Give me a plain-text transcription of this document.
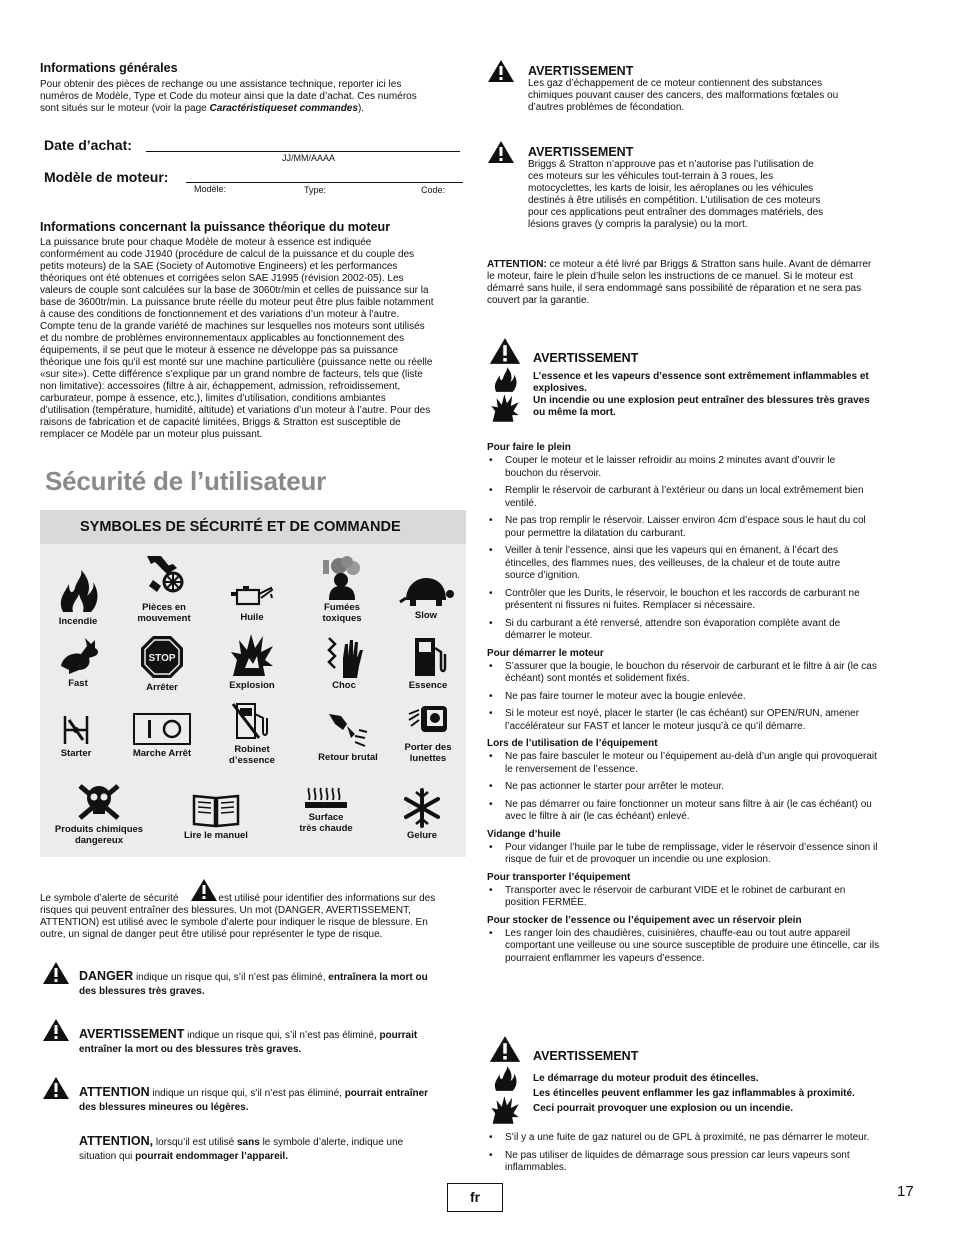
Informations générales
Pour obtenir des pièces de rechange ou une assistance technique, reporter ici les
numéros de Modèle, Type et Code du moteur ainsi que la date d’achat. Ces numéros
sont situés sur le moteur (voir la page Caractéristiqueset commandes).
Date d’achat:
JJ/MM/AAAA
Modèle de moteur:
Modèle:	Type:	Code:
Informations concernant la puissance théorique du moteur
La puissance brute pour chaque Modèle de moteur à essence est indiquée
conformément au code J1940 (procédure de calcul de la puissance et du couple des
petits moteurs) de la SAE (Society of Automotive Engineers) et les performances
théoriques ont été obtenues et corrigées selon SAE J1995 (révision 2002-05). Les
valeurs de couple sont calculées sur la base de 3060tr/min et celles de puissance sur la
base de 3600tr/min. La puissance brute réelle du moteur peut être plus faible notamment
à cause des conditions de fonctionnement et des variations d’un moteur à l’autre.
Compte tenu de la grande variété de machines sur lesquelles nos moteurs sont utilisés
et du nombre de problèmes environnementaux applicables au fonctionnement des
équipements, il se peut que le moteur à essence ne développe pas sa puissance
théorique une fois qu’il est monté sur une machine particulière (puissance nette ou réelle
«sur site»). Cette différence s’explique par un grand nombre de facteurs, tels que (liste
non limitative): accessoires (filtre à air, échappement, admission, refroidissement,
carburateur, pompe à essence, etc.), limites d’utilisation, conditions ambiantes
d’utilisation (température, humidité, altitude) et variations d’un moteur à l’autre. Pour des
raisons de fabrication et de capacité limitées, Briggs & Stratton est susceptible de
remplacer ce Modèle par un moteur plus puissant.
Sécurité de l’utilisateur
SYMBOLES DE SÉCURITÉ ET DE COMMANDE
Incendie
Pièces en
mouvement	Huile
Fumées
toxiques	Slow
Fast
STOP
Arrêter	Explosion	Choc	Essence
Starter	Marche Arrêt	Robinet
d’essence	Retour brutal
Porter des
lunettes
Produits chimiques
dangereux	Lire le manuel
Surface
très chaude
Gelure
Le symbole d’alerte de sécurité	est utilisé pour identifier des informations sur des
risques qui peuvent entraîner des blessures. Un mot (DANGER, AVERTISSEMENT,
ATTENTION) est utilisé avec le symbole d’alerte pour indiquer le risque de blessure. En
outre, un signal de danger peut être utilisé pour représenter le type de risque.
DANGER indique un risque qui, s’il n’est pas éliminé, entraînera la mort ou
des blessures très graves.
AVERTISSEMENT indique un risque qui, s’il n’est pas éliminé, pourrait
entraîner la mort ou des blessures très graves.
ATTENTION indique un risque qui, s’il n’est pas éliminé, pourrait entraîner
des blessures mineures ou légères.
ATTENTION, lorsqu’il est utilisé sans le symbole d’alerte, indique une
situation qui pourrait endommager l’appareil.
AVERTISSEMENT
Les gaz d’échappement de ce moteur contiennent des substances
chimiques pouvant causer des cancers, des malformations fœtales ou
d’autres problèmes de fécondation.
AVERTISSEMENT
Briggs & Stratton n’approuve pas et n’autorise pas l’utilisation de
ces moteurs sur les véhicules tout-terrain à 3 roues, les
motocyclettes, les karts de loisir, les aéroplanes ou les véhicules
destinés à être utilisés en compétition. L’utilisation de ces moteurs
pour ces applications peut entraîner des dommages matériels, des
lésions graves (y compris la paralysie) ou la mort.
ATTENTION: ce moteur a été livré par Briggs & Stratton sans huile. Avant de démarrer
le moteur, faire le plein d’huile selon les instructions de ce manuel. Si le moteur est
démarré sans huile, il sera endommagé sans possibilité de réparation et ne sera pas
couvert par la garantie.
AVERTISSEMENT
L’essence et les vapeurs d’essence sont extrêmement inflammables et
explosives.
Un incendie ou une explosion peut entraîner des blessures très graves
ou même la mort.
Pour faire le plein
• Couper le moteur et le laisser refroidir au moins 2 minutes avant d’ouvrir le
bouchon du réservoir.
• Remplir le réservoir de carburant à l’extérieur ou dans un local extrêmement bien
ventilé.
• Ne pas trop remplir le réservoir. Laisser environ 4cm d’espace sous le haut du col
pour permettre la dilatation du carburant.
• Veiller à tenir l’essence, ainsi que les vapeurs qui en émanent, à l’écart des
étincelles, des flammes nues, des veilleuses, de la chaleur et de toute autre
source d’ignition.
• Contrôler que les Durits, le réservoir, le bouchon et les raccords de carburant ne
présentent ni fissures ni fuites. Remplacer si nécessaire.
• Si du carburant a été renversé, attendre son évaporation complète avant de
démarrer le moteur.
Pour démarrer le moteur
• S’assurer que la bougie, le bouchon du réservoir de carburant et le filtre à air (le cas
échéant) sont montés et solidement fixés.
• Ne pas faire tourner le moteur avec la bougie enlevée.
• Si le moteur est noyé, placer le starter (le cas échéant) sur OPEN/RUN, amener
l’accélérateur sur FAST et lancer le moteur jusqu’à ce qu’il démarre.
Lors de l’utilisation de l’équipement
• Ne pas faire basculer le moteur ou l’équipement au-delà d’un angle qui provoquerait
le renversement de l’essence.
• Ne pas actionner le starter pour arrêter le moteur.
• Ne pas démarrer ou faire fonctionner un moteur sans filtre à air (le cas échéant) ou
avec le filtre à air (le cas échéant) enlevé.
Vidange d’huile
• Pour vidanger l’huile par le tube de remplissage, vider le réservoir d’essence sinon il
risque de fuir et de provoquer un incendie ou une explosion.
Pour transporter l’équipement
• Transporter avec le réservoir de carburant VIDE et le robinet de carburant en
position FERMÉE.
Pour stocker de l’essence ou l’équipement avec un réservoir plein
• Les ranger loin des chaudières, cuisinières, chauffe-eau ou tout autre appareil
comportant une veilleuse ou une source susceptible de produire une étincelle, car ils
pourraient enflammer les vapeurs d’essence.
AVERTISSEMENT
Le démarrage du moteur produit des étincelles.
Les étincelles peuvent enflammer les gaz inflammables à proximité.
Ceci pourrait provoquer une explosion ou un incendie.
• S’il y a une fuite de gaz naturel ou de GPL à proximité, ne pas démarrer le moteur.
• Ne pas utiliser de liquides de démarrage sous pression car leurs vapeurs sont
inflammables.
fr	17
